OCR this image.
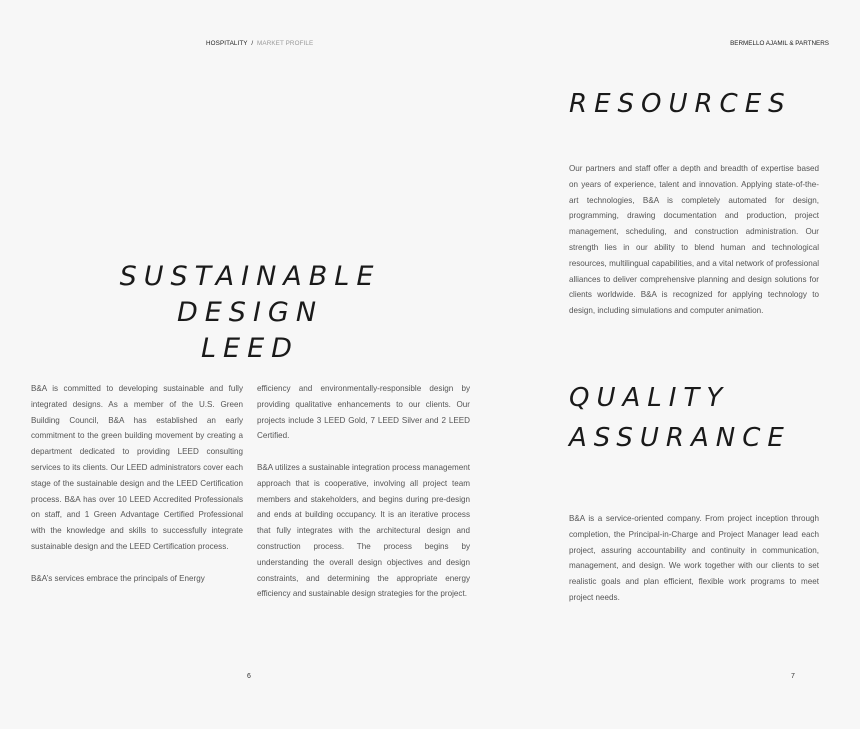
HOSPITALITY / MARKET PROFILE
SUSTAINABLE DESIGN
LEED

B&A is committed to developing sustainable and fully integrated designs. As a member of the U.S. Green Building Council, B&A has established an early commitment to the green building movement by creating a department dedicated to providing LEED consulting services to its clients. Our LEED administrators cover each stage of the sustainable design and the LEED Certification process. B&A has over 10 LEED Accredited Professionals on staff, and 1 Green Advantage Certified Professional with the knowledge and skills to successfully integrate sustainable design and the LEED Certification process.

B&A’s services embrace the principals of Energy

efficiency and environmentally-responsible design by providing qualitative enhancements to our clients. Our projects include 3 LEED Gold, 7 LEED Silver and 2 LEED Certified.

B&A utilizes a sustainable integration process management approach that is cooperative, involving all project team members and stakeholders, and begins during pre-design and ends at building occupancy. It is an iterative process that fully integrates with the architectural design and construction process. The process begins by understanding the overall design objectives and design constraints, and determining the appropriate energy efficiency and sustainable design strategies for the project.

6
BERMELLO AJAMIL & PARTNERS
RESOURCES

Our partners and staff offer a depth and breadth of expertise based on years of experience, talent and innovation. Applying state-of-the-art technologies, B&A is completely automated for design, programming, drawing documentation and production, project management, scheduling, and construction administration. Our strength lies in our ability to blend human and technological resources, multilingual capabilities, and a vital network of professional alliances to deliver comprehensive planning and design solutions for clients worldwide. B&A is recognized for applying technology to design, including simulations and computer animation.

QUALITY
ASSURANCE

B&A is a service-oriented company. From project inception through completion, the Principal-in-Charge and Project Manager lead each project, assuring accountability and continuity in communication, management, and design. We work together with our clients to set realistic goals and plan efficient, flexible work programs to meet project needs.

7
